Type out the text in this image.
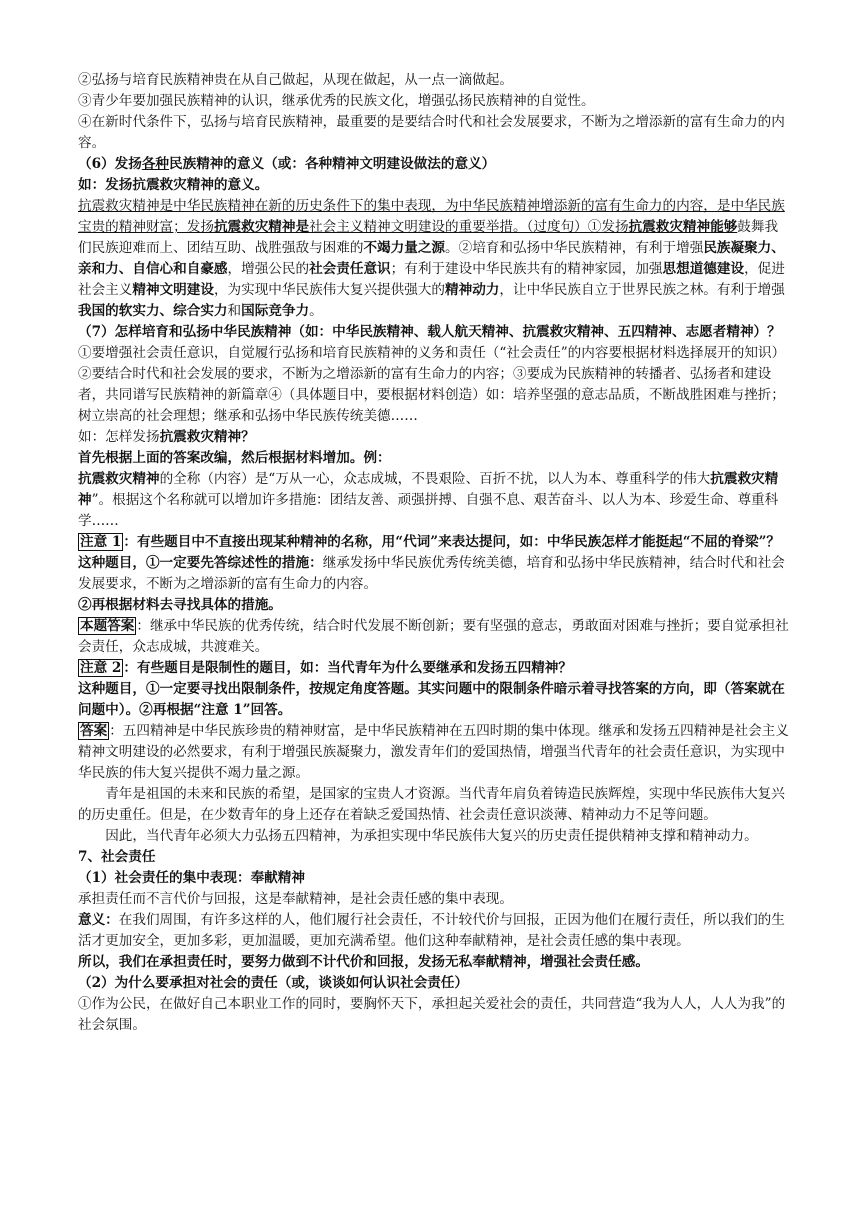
②弘扬与培育民族精神贵在从自己做起，从现在做起，从一点一滴做起。

③青少年要加强民族精神的认识，继承优秀的民族文化，增强弘扬民族精神的自觉性。

④在新时代条件下，弘扬与培育民族精神，最重要的是要结合时代和社会发展要求，不断为之增添新的富有生命力的内容。

（6）发扬各种民族精神的意义（或：各种精神文明建设做法的意义）

如：发扬抗震救灾精神的意义。

抗震救灾精神是中华民族精神在新的历史条件下的集中表现，为中华民族精神增添新的富有生命力的内容，是中华民族宝贵的精神财富；发扬抗震救灾精神是社会主义精神文明建设的重要举措。（过度句）①发扬抗震救灾精神能够鼓舞我们民族迎难而上、团结互助、战胜强敌与困难的不竭力量之源。②培育和弘扬中华民族精神，有利于增强民族凝聚力、亲和力、自信心和自豪感，增强公民的社会责任意识；有利于建设中华民族共有的精神家园，加强思想道德建设，促进社会主义精神文明建设，为实现中华民族伟大复兴提供强大的精神动力，让中华民族自立于世界民族之林。有利于增强我国的软实力、综合实力和国际竞争力。

（7）怎样培育和弘扬中华民族精神（如：中华民族精神、载人航天精神、抗震救灾精神、五四精神、志愿者精神）？

①要增强社会责任意识，自觉履行弘扬和培育民族精神的义务和责任（“社会责任”的内容要根据材料选择展开的知识）②要结合时代和社会发展的要求，不断为之增添新的富有生命力的内容；③要成为民族精神的转播者、弘扬者和建设者，共同谱写民族精神的新篇章④（具体题目中，要根据材料创造）如：培养坚强的意志品质，不断战胜困难与挫折；树立崇高的社会理想；继承和弘扬中华民族传统美德……

如：怎样发扬抗震救灾精神？

首先根据上面的答案改编，然后根据材料增加。例：

抗震救灾精神的全称（内容）是“万从一心，众志成城，不畏艰险、百折不扰，以人为本、尊重科学的伟大抗震救灾精神”。根据这个名称就可以增加许多措施：团结友善、顽强拼搏、自强不息、艰苦奋斗、以人为本、珍爱生命、尊重科学……

注意 1 ：有些题目中不直接出现某种精神的名称，用“代词”来表达提问，如：中华民族怎样才能挺起“不屈的脊梁”？

这种题目，①一定要先答综述性的措施：继承发扬中华民族优秀传统美德，培育和弘扬中华民族精神，结合时代和社会发展要求，不断为之增添新的富有生命力的内容。

②再根据材料去寻找具体的措施。

本题答案 ：继承中华民族的优秀传统，结合时代发展不断创新；要有坚强的意志，勇敢面对困难与挫折；要自觉承担社会责任，众志成城，共渡难关。

注意 2 ：有些题目是限制性的题目，如：当代青年为什么要继承和发扬五四精神？

这种题目，①一定要寻找出限制条件，按规定角度答题。其实问题中的限制条件暗示着寻找答案的方向，即（答案就在问题中）。②再根据“注意 1”回答。

答案 ：五四精神是中华民族珍贵的精神财富，是中华民族精神在五四时期的集中体现。继承和发扬五四精神是社会主义精神文明建设的必然要求，有利于增强民族凝聚力，激发青年们的爱国热情，增强当代青年的社会责任意识，为实现中华民族的伟大复兴提供不竭力量之源。

青年是祖国的未来和民族的希望，是国家的宝贵人才资源。当代青年肩负着铸造民族辉煌，实现中华民族伟大复兴的历史重任。但是，在少数青年的身上还存在着缺乏爱国热情、社会责任意识淡薄、精神动力不足等问题。

因此，当代青年必须大力弘扬五四精神，为承担实现中华民族伟大复兴的历史责任提供精神支撑和精神动力。

7、社会责任

（1）社会责任的集中表现：奉献精神

承担责任而不言代价与回报，这是奉献精神，是社会责任感的集中表现。

意义：在我们周围，有许多这样的人，他们履行社会责任，不计较代价与回报，正因为他们在履行责任，所以我们的生活才更加安全，更加多彩，更加温暖，更加充满希望。他们这种奉献精神，是社会责任感的集中表现。

所以，我们在承担责任时，要努力做到不计代价和回报，发扬无私奉献精神，增强社会责任感。

（2）为什么要承担对社会的责任（或，谈谈如何认识社会责任）

①作为公民，在做好自己本职业工作的同时，要胸怀天下，承担起关爱社会的责任，共同营造“我为人人，人人为我”的社会氛围。
